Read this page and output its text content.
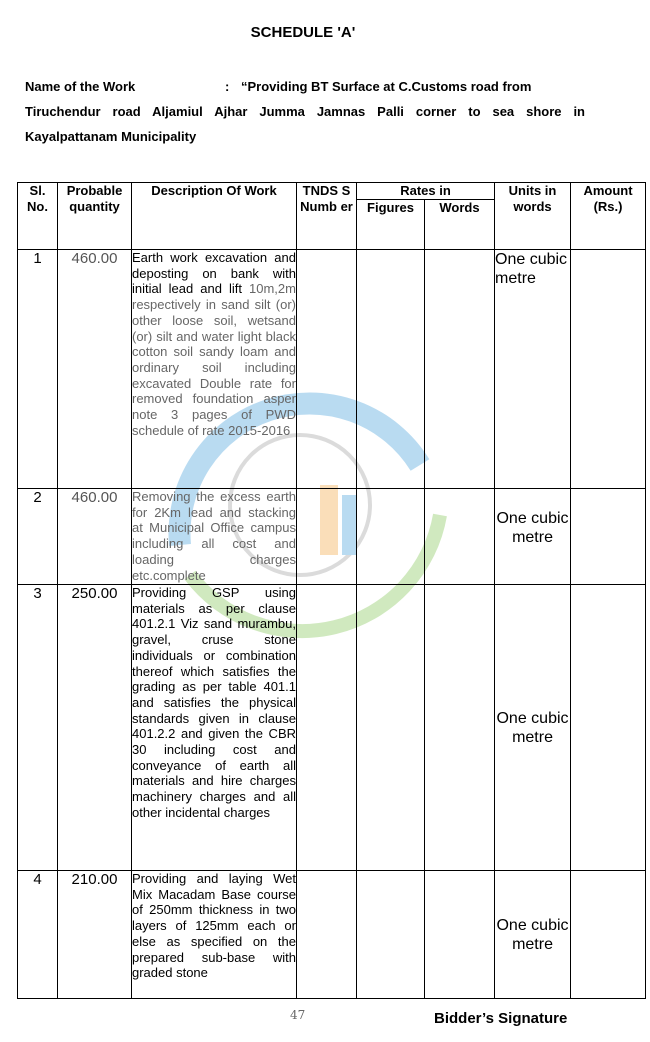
SCHEDULE 'A'
Name of the Work	: “Providing BT Surface at C.Customs road from
Tiruchendur road Aljamiul Ajhar Jumma Jamnas Palli corner to sea shore in Kayalpattanam Municipality
Sl. No.	Probable quantity	Description Of Work	TNDS S Numb er	Rates in		Units in words	Amount (Rs.)
				Figures	Words		
1	460.00	Earth work excavation and deposting on bank with initial lead and lift 10m,2m respectively in sand silt (or) other loose soil, wetsand (or) silt and water light black cotton soil sandy loam and ordinary soil including excavated Double rate for removed foundation asper note 3 pages of PWD schedule of rate 2015-2016				One cubic metre	
2	460.00	Removing the excess earth for 2Km lead and stacking at Municipal Office campus including all cost and loading charges etc.complete				One cubic metre	
3	250.00	Providing GSP using materials as per clause 401.2.1 Viz sand murambu, gravel, cruse stone individuals or combination thereof which satisfies the grading as per table 401.1 and satisfies the physical standards given in clause 401.2.2 and given the CBR 30 including cost and conveyance of earth all materials and hire charges machinery charges and all other incidental charges				One cubic metre	
4	210.00	Providing and laying Wet Mix Macadam Base course of 250mm thickness in two layers of 125mm each or else as specified on the prepared sub-base with graded stone				One cubic metre	
47	Bidder’s Signature
